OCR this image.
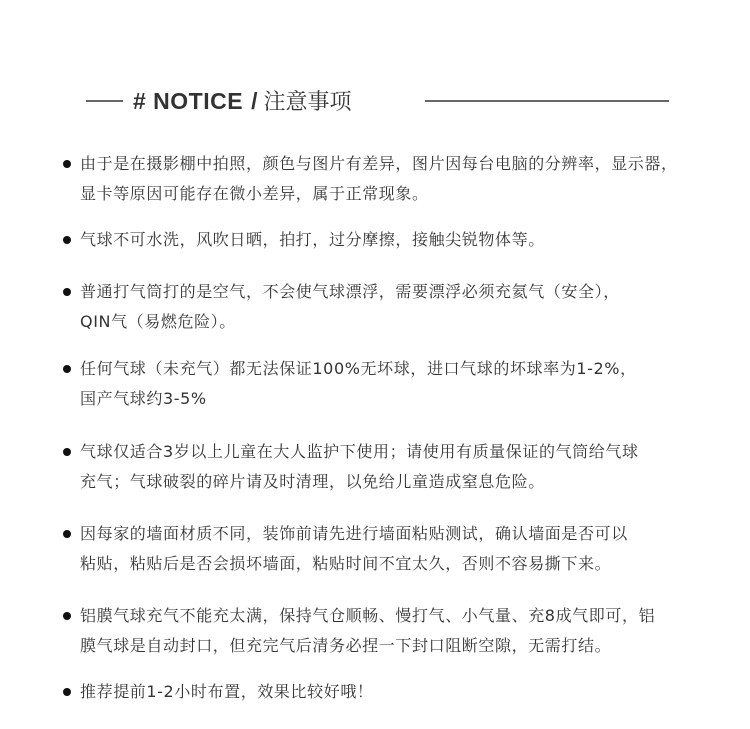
# NOTICE / 注意事项
由于是在摄影棚中拍照，颜色与图片有差异，图片因每台电脑的分辨率，显示器，
显卡等原因可能存在微小差异，属于正常现象。
气球不可水洗，风吹日晒，拍打，过分摩擦，接触尖锐物体等。
普通打气筒打的是空气，不会使气球漂浮，需要漂浮必须充氦气（安全），
QIN气（易燃危险）。
任何气球（未充气）都无法保证100%无坏球，进口气球的坏球率为1-2%，
国产气球约3-5%
气球仅适合3岁以上儿童在大人监护下使用；请使用有质量保证的气筒给气球
充气；气球破裂的碎片请及时清理，以免给儿童造成窒息危险。
因每家的墙面材质不同，装饰前请先进行墙面粘贴测试，确认墙面是否可以
粘贴，粘贴后是否会损坏墙面，粘贴时间不宜太久，否则不容易撕下来。
铝膜气球充气不能充太满，保持气仓顺畅、慢打气、小气量、充8成气即可，铝
膜气球是自动封口，但充完气后清务必捏一下封口阻断空隙，无需打结。
推荐提前1-2小时布置，效果比较好哦！
